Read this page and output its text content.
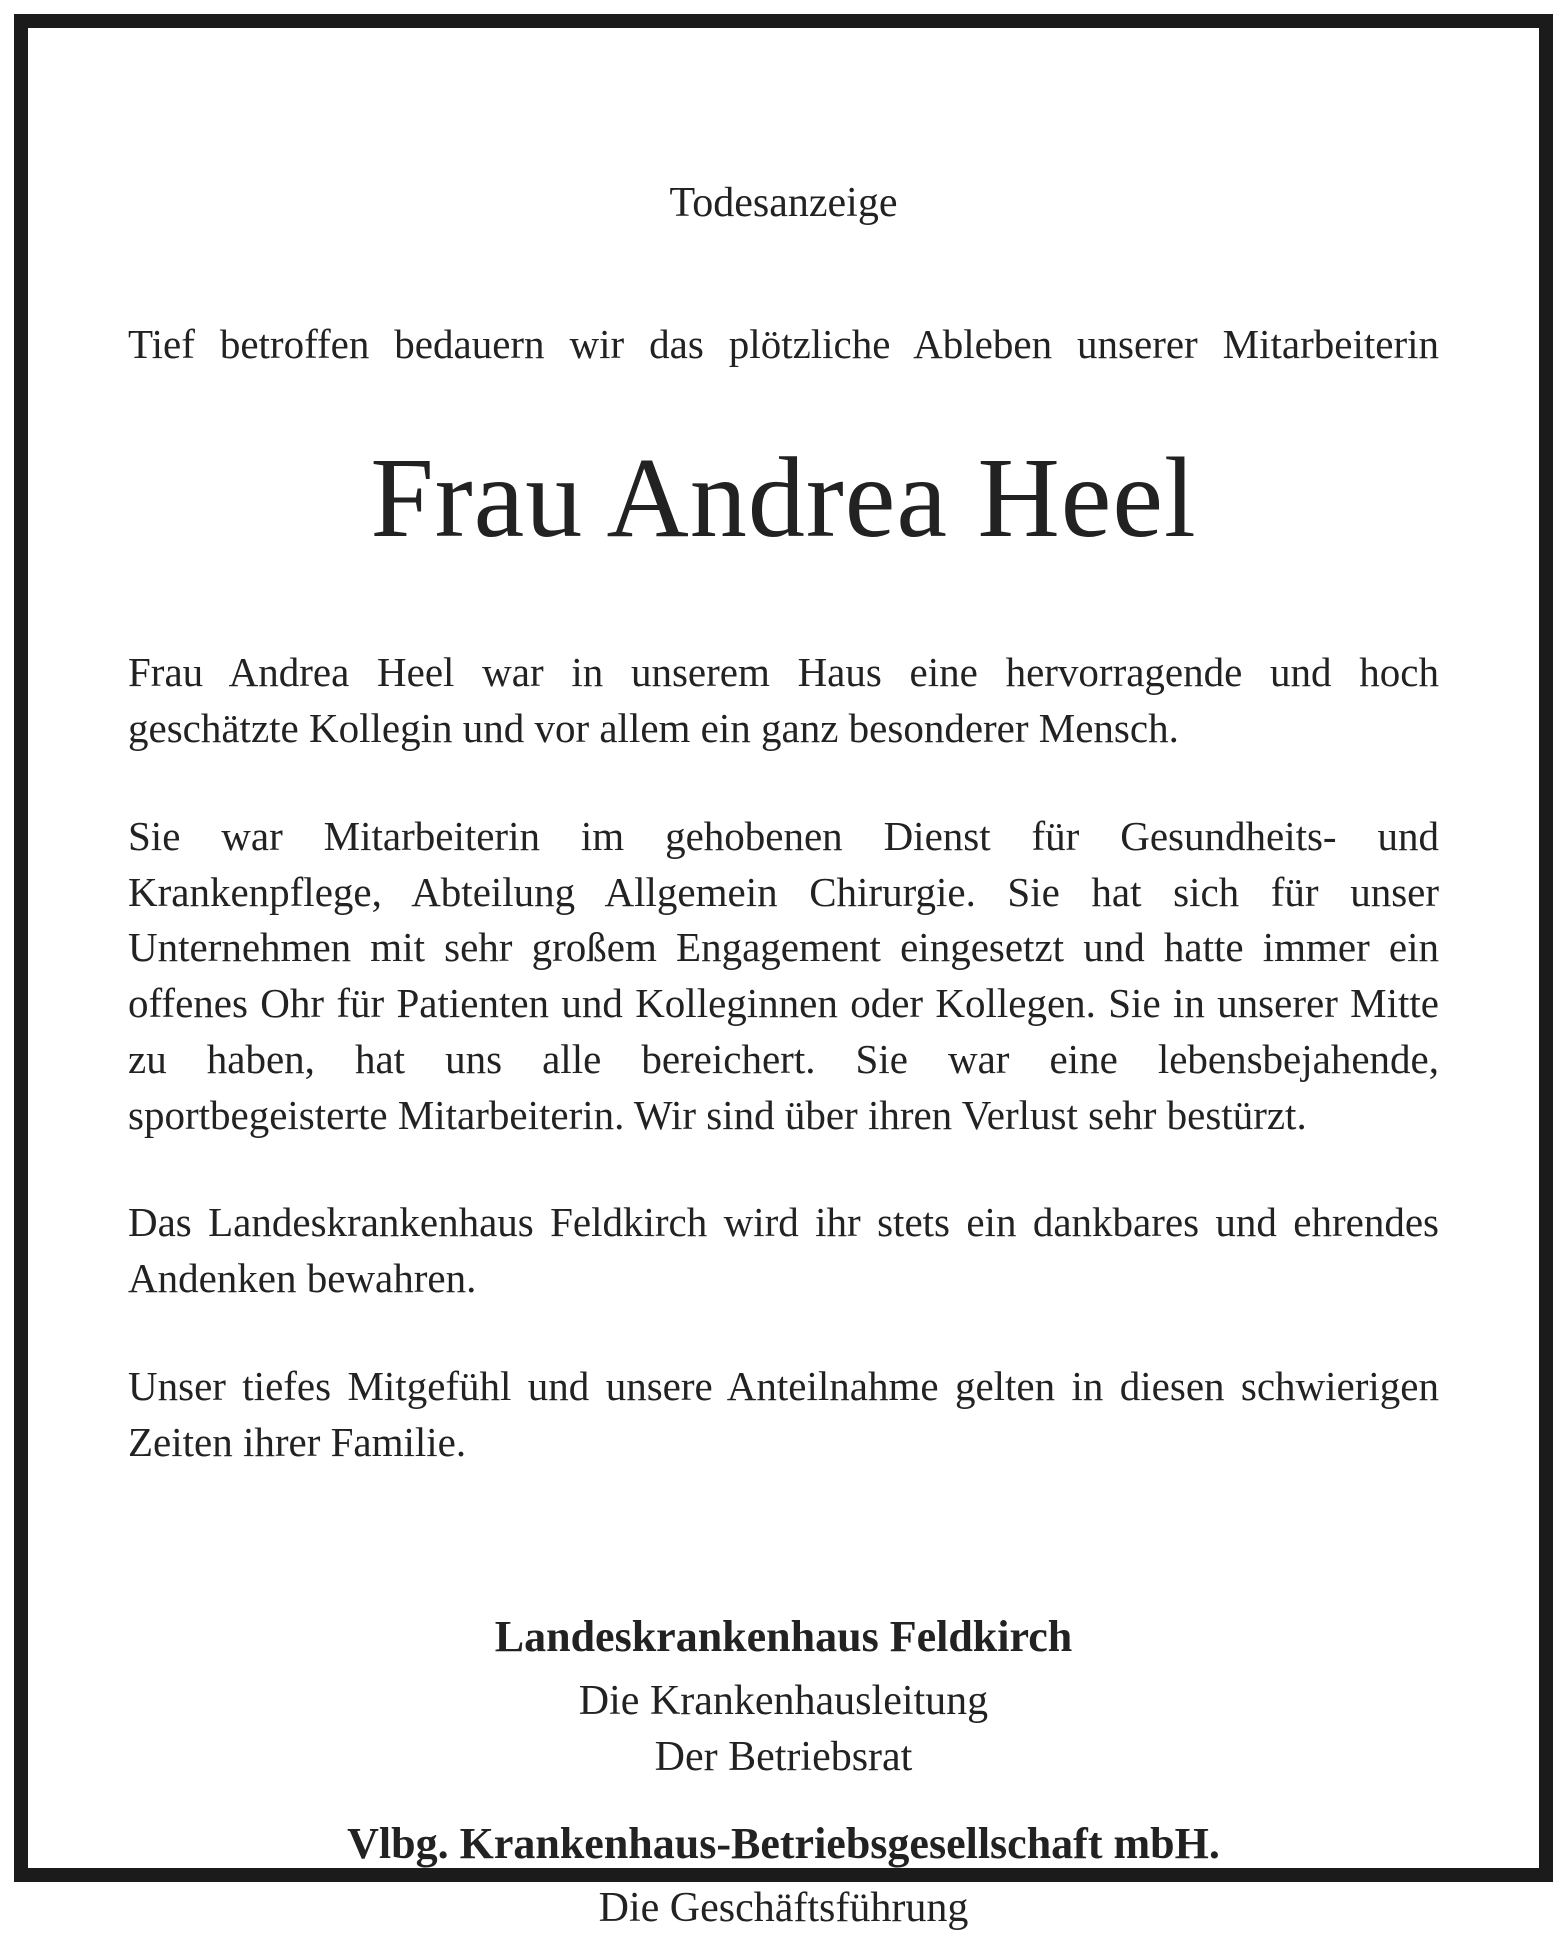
Todesanzeige

Tief betroffen bedauern wir das plötzliche Ableben unserer Mitarbeiterin

Frau Andrea Heel

Frau Andrea Heel war in unserem Haus eine hervorragende und hoch geschätzte Kollegin und vor allem ein ganz besonderer Mensch.

Sie war Mitarbeiterin im gehobenen Dienst für Gesundheits- und Krankenpflege, Abteilung Allgemein Chirurgie. Sie hat sich für unser Unternehmen mit sehr großem Engagement eingesetzt und hatte immer ein offenes Ohr für Patienten und Kolleginnen oder Kollegen. Sie in unserer Mitte zu haben, hat uns alle bereichert. Sie war eine lebensbejahende, sportbegeisterte Mitarbeiterin. Wir sind über ihren Verlust sehr bestürzt.

Das Landeskrankenhaus Feldkirch wird ihr stets ein dankbares und ehrendes Andenken bewahren.

Unser tiefes Mitgefühl und unsere Anteilnahme gelten in diesen schwierigen Zeiten ihrer Familie.

Landeskrankenhaus Feldkirch
Die Krankenhausleitung
Der Betriebsrat
Vlbg. Krankenhaus-Betriebsgesellschaft mbH.
Die Geschäftsführung
